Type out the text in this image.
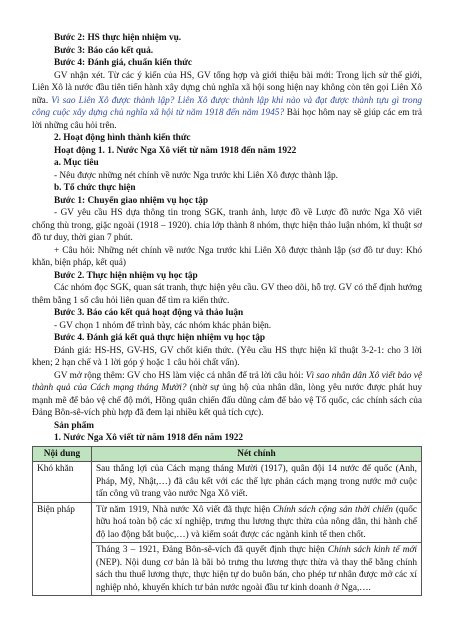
Bước 2: HS thực hiện nhiệm vụ.

Bước 3: Báo cáo kết quả.

Bước 4: Đánh giá, chuẩn kiến thức

GV nhận xét. Từ các ý kiến của HS, GV tổng hợp và giới thiệu bài mới: Trong lịch sử thế giới, Liên Xô là nước đầu tiên tiến hành xây dựng chủ nghĩa xã hội song hiện nay không còn tên gọi Liên Xô nữa. Vì sao Liên Xô được thành lập? Liên Xô được thành lập khi nào và đạt được thành tựu gì trong công cuộc xây dựng chủ nghĩa xã hội từ năm 1918 đến năm 1945? Bài học hôm nay sẽ giúp các em trả lời những câu hỏi trên.

2. Hoạt động hình thành kiến thức

Hoạt động 1. 1. Nước Nga Xô viết từ năm 1918 đến năm 1922

a. Mục tiêu

- Nêu được những nét chính về nước Nga trước khi Liên Xô được thành lập.

b. Tổ chức thực hiện

Bước 1: Chuyển giao nhiệm vụ học tập

- GV yêu cầu HS dựa thông tin trong SGK, tranh ảnh, lược đồ về Lược đồ nước Nga Xô viết chống thù trong, giặc ngoài (1918 – 1920). chia lớp thành 8 nhóm, thực hiện thảo luận nhóm, kĩ thuật sơ đồ tư duy, thời gian 7 phút.

+ Câu hỏi: Những nét chính về nước Nga trước khi Liên Xô được thành lập (sơ đồ tư duy: Khó khăn, biện pháp, kết quả)

Bước 2. Thực hiện nhiệm vụ học tập

Các nhóm đọc SGK, quan sát tranh, thực hiện yêu cầu. GV theo dõi, hỗ trợ. GV có thể định hướng thêm bằng 1 số câu hỏi liên quan để tìm ra kiến thức.

Bước 3. Báo cáo kết quả hoạt động và thảo luận

- GV chọn 1 nhóm để trình bày, các nhóm khác phản biện.

Bước 4. Đánh giá kết quả thực hiện nhiệm vụ học tập

Đánh giá: HS-HS, GV-HS, GV chốt kiến thức. (Yêu cầu HS thực hiện kĩ thuật 3-2-1: cho 3 lời khen; 2 hạn chế và 1 lời góp ý hoặc 1 câu hỏi chất vấn).

GV mở rộng thêm: GV cho HS làm việc cá nhân để trả lời câu hỏi: Vì sao nhân dân Xô viết bảo vệ thành quả của Cách mạng tháng Mười? (nhờ sự ủng hộ của nhân dân, lòng yêu nước được phát huy mạnh mẽ để bảo vệ chế độ mới, Hồng quân chiến đấu dũng cảm để bảo vệ Tổ quốc, các chính sách của Đảng Bôn-sê-vích phù hợp đã đem lại nhiều kết quả tích cực).

Sản phẩm

1. Nước Nga Xô viết từ năm 1918 đến năm 1922

Nội dung	Nét chính
Khó khăn	Sau thắng lợi của Cách mạng tháng Mười (1917), quân đội 14 nước đế quốc (Anh, Pháp, Mỹ, Nhật,…) đã câu kết với các thế lực phản cách mạng trong nước mở cuộc tấn công vũ trang vào nước Nga Xô viết.

Biện pháp	Từ năm 1919, Nhà nước Xô viết đã thực hiện Chính sách cộng sản thời chiến (quốc hữu hoá toàn bộ các xí nghiệp, trưng thu lương thực thừa của nông dân, thi hành chế độ lao động bắt buộc,…) và kiểm soát được các ngành kinh tế then chốt.

	Tháng 3 – 1921, Đảng Bôn-sê-vích đã quyết định thực hiện Chính sách kinh tế mới (NEP). Nội dung cơ bản là bãi bỏ trưng thu lương thực thừa và thay thế bằng chính sách thu thuế lương thực, thực hiện tự do buôn bán, cho phép tư nhân được mở các xí nghiệp nhỏ, khuyến khích tư bản nước ngoài đầu tư kinh doanh ở Nga,….
